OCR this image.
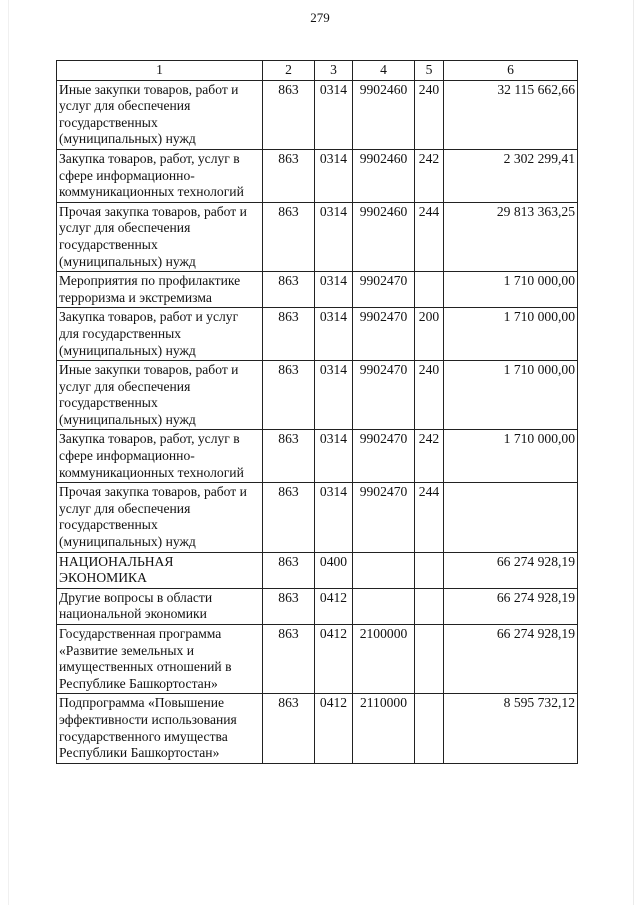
279
1	2	3	4	5	6
Иные закупки товаров, работ и услуг для обеспечения государственных (муниципальных) нужд	863	0314	9902460	240	32 115 662,66
Закупка товаров, работ, услуг в сфере информационно-коммуникационных технологий	863	0314	9902460	242	2 302 299,41
Прочая закупка товаров, работ и услуг для обеспечения государственных (муниципальных) нужд	863	0314	9902460	244	29 813 363,25
Мероприятия по профилактике терроризма и экстремизма	863	0314	9902470		1 710 000,00
Закупка товаров, работ и услуг для государственных (муниципальных) нужд	863	0314	9902470	200	1 710 000,00
Иные закупки товаров, работ и услуг для обеспечения государственных (муниципальных) нужд	863	0314	9902470	240	1 710 000,00
Закупка товаров, работ, услуг в сфере информационно-коммуникационных технологий	863	0314	9902470	242	1 710 000,00
Прочая закупка товаров, работ и услуг для обеспечения государственных (муниципальных) нужд	863	0314	9902470	244	
НАЦИОНАЛЬНАЯ ЭКОНОМИКА	863	0400			66 274 928,19
Другие вопросы в области национальной экономики	863	0412			66 274 928,19
Государственная программа «Развитие земельных и имущественных отношений в Республике Башкортостан»	863	0412	2100000		66 274 928,19
Подпрограмма «Повышение эффективности использования государственного имущества Республики Башкортостан»	863	0412	2110000		8 595 732,12
